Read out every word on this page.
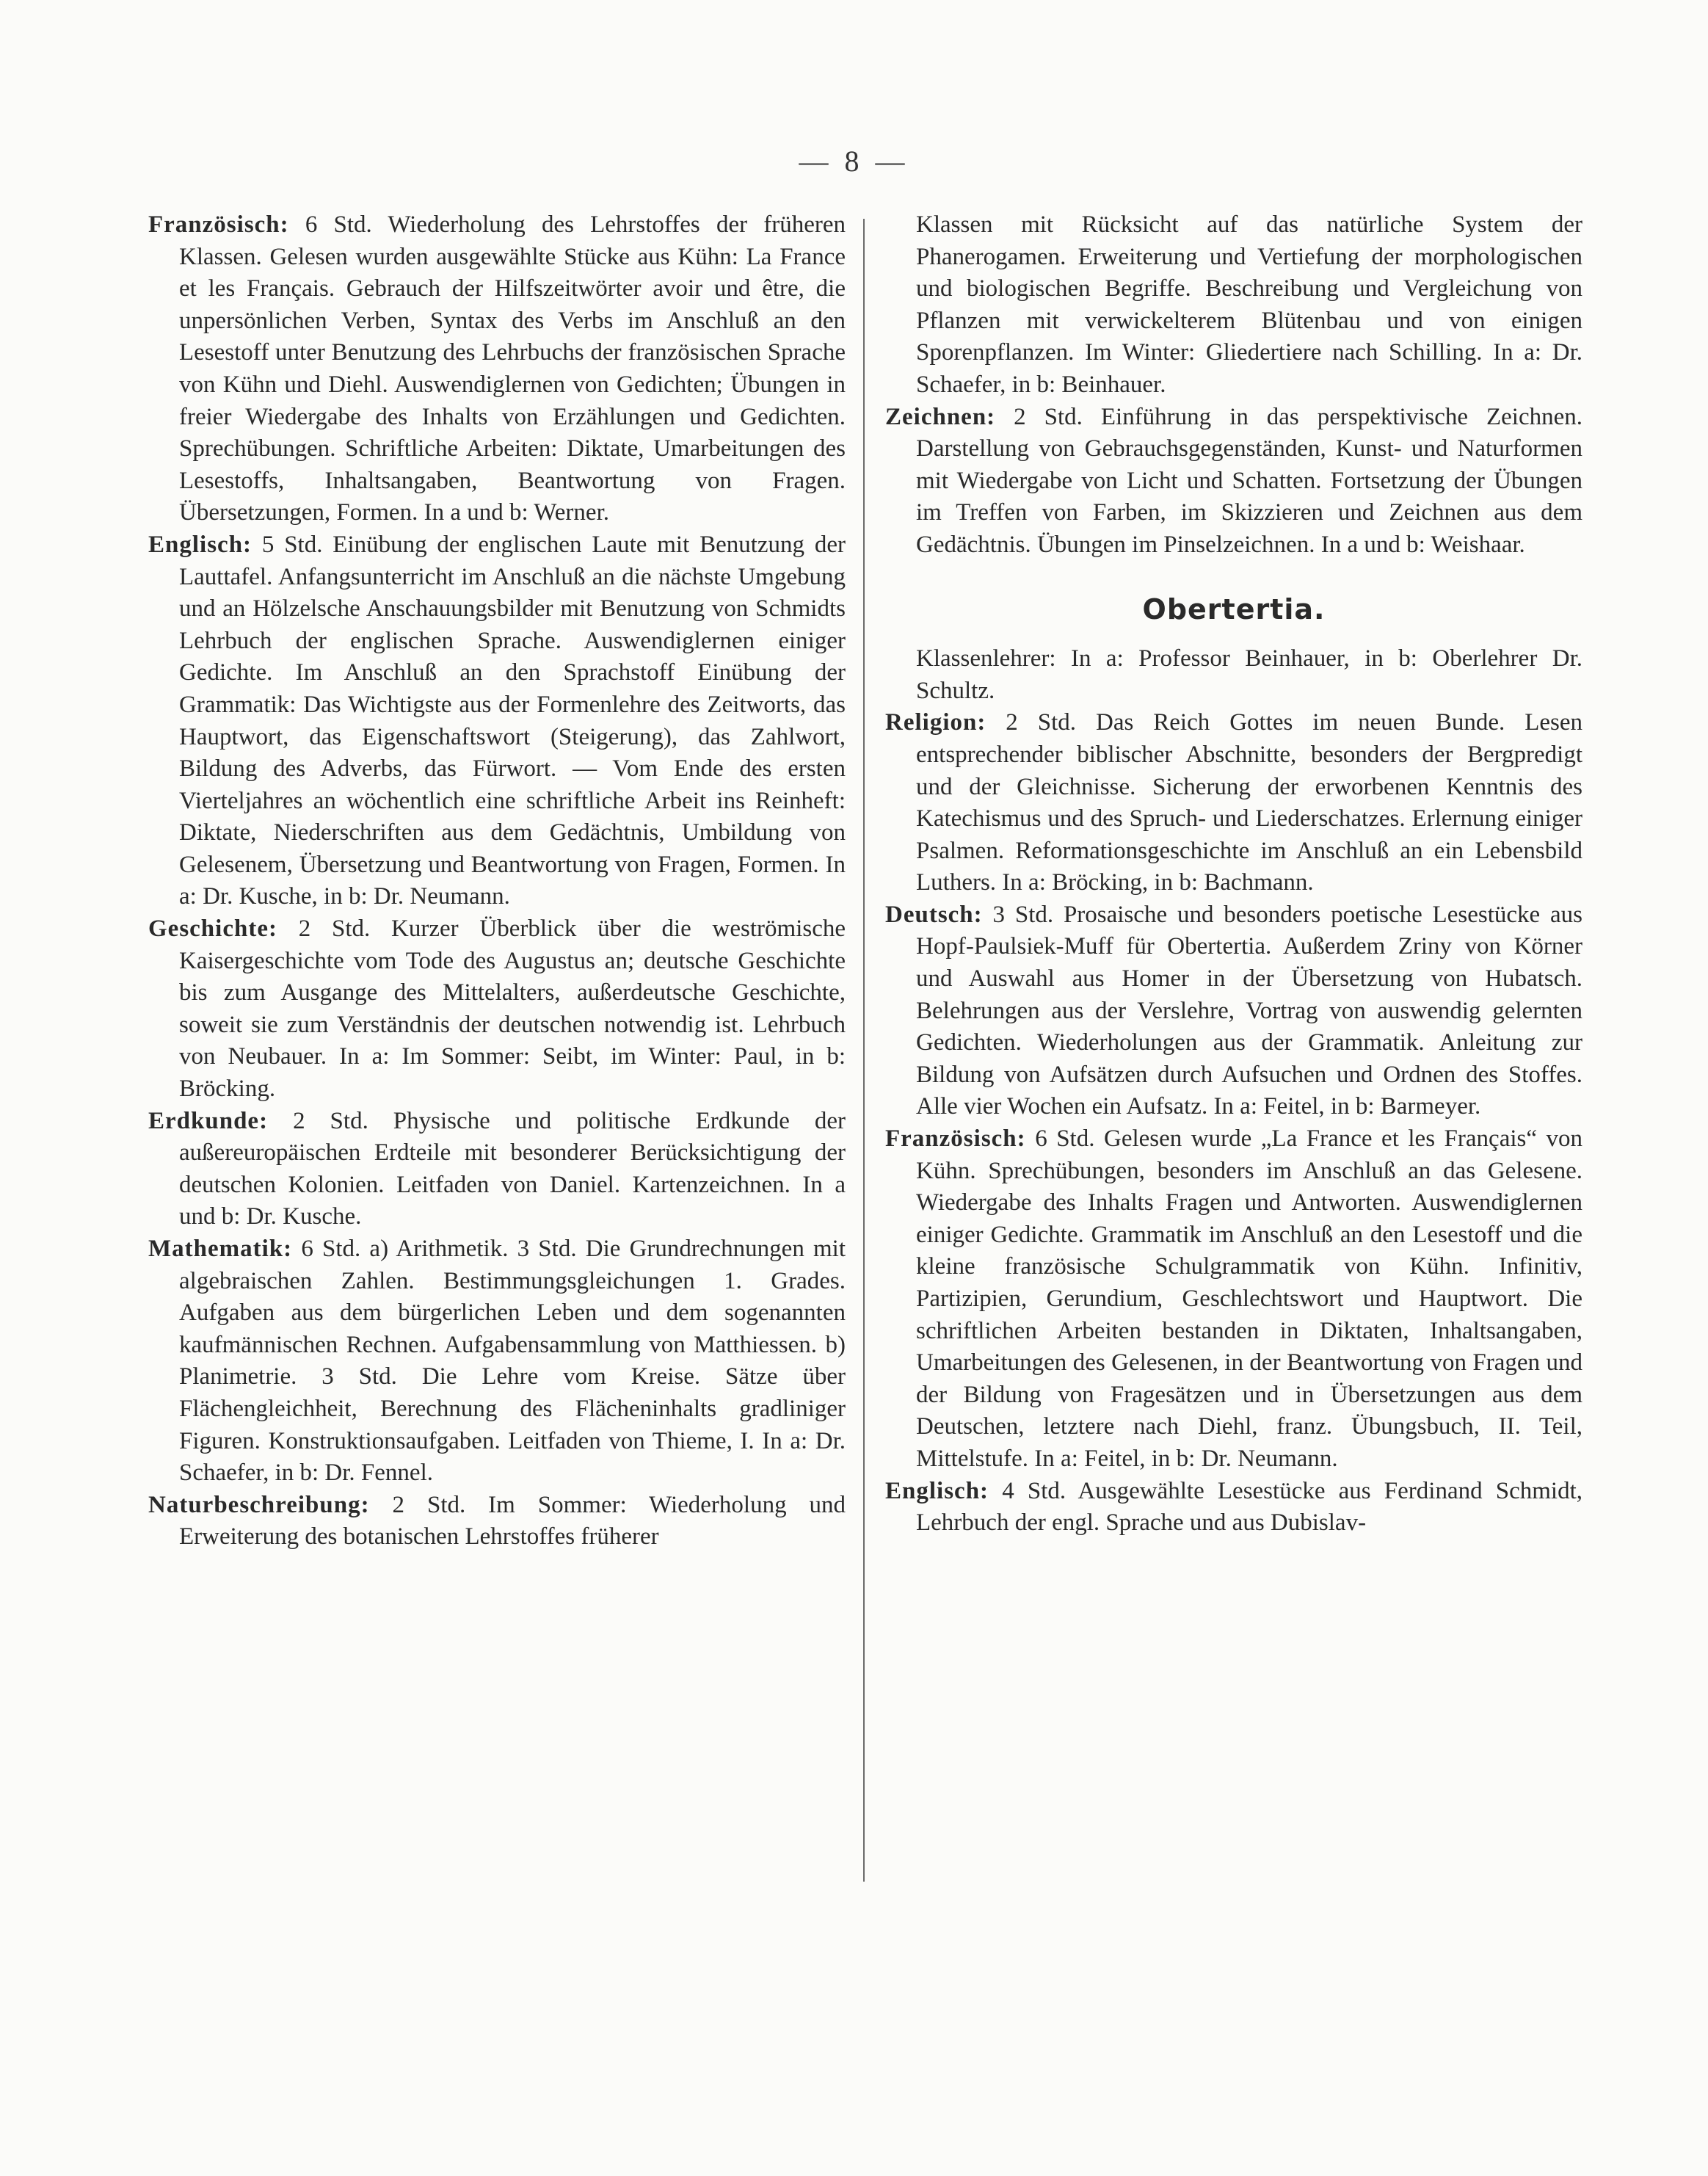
— 8 —

Französisch: 6 Std. Wiederholung des Lehrstoffes der früheren Klassen. Gelesen wurden ausgewählte Stücke aus Kühn: La France et les Français. Gebrauch der Hilfszeitwörter avoir und être, die unpersönlichen Verben, Syntax des Verbs im Anschluß an den Lesestoff unter Benutzung des Lehrbuchs der französischen Sprache von Kühn und Diehl. Auswendiglernen von Gedichten; Übungen in freier Wiedergabe des Inhalts von Erzählungen und Gedichten. Sprechübungen. Schriftliche Arbeiten: Diktate, Umarbeitungen des Lesestoffs, Inhaltsangaben, Beantwortung von Fragen. Übersetzungen, Formen. In a und b: Werner.

Englisch: 5 Std. Einübung der englischen Laute mit Benutzung der Lauttafel. Anfangsunterricht im Anschluß an die nächste Umgebung und an Hölzelsche Anschauungsbilder mit Benutzung von Schmidts Lehrbuch der englischen Sprache. Auswendiglernen einiger Gedichte. Im Anschluß an den Sprachstoff Einübung der Grammatik: Das Wichtigste aus der Formenlehre des Zeitworts, das Hauptwort, das Eigenschaftswort (Steigerung), das Zahlwort, Bildung des Adverbs, das Fürwort. — Vom Ende des ersten Vierteljahres an wöchentlich eine schriftliche Arbeit ins Reinheft: Diktate, Niederschriften aus dem Gedächtnis, Umbildung von Gelesenem, Übersetzung und Beantwortung von Fragen, Formen. In a: Dr. Kusche, in b: Dr. Neumann.

Geschichte: 2 Std. Kurzer Überblick über die weströmische Kaisergeschichte vom Tode des Augustus an; deutsche Geschichte bis zum Ausgange des Mittelalters, außerdeutsche Geschichte, soweit sie zum Verständnis der deutschen notwendig ist. Lehrbuch von Neubauer. In a: Im Sommer: Seibt, im Winter: Paul, in b: Bröcking.

Erdkunde: 2 Std. Physische und politische Erdkunde der außereuropäischen Erdteile mit besonderer Berücksichtigung der deutschen Kolonien. Leitfaden von Daniel. Kartenzeichnen. In a und b: Dr. Kusche.

Mathematik: 6 Std. a) Arithmetik. 3 Std. Die Grundrechnungen mit algebraischen Zahlen. Bestimmungsgleichungen 1. Grades. Aufgaben aus dem bürgerlichen Leben und dem sogenannten kaufmännischen Rechnen. Aufgabensammlung von Matthiessen. b) Planimetrie. 3 Std. Die Lehre vom Kreise. Sätze über Flächengleichheit, Berechnung des Flächeninhalts gradliniger Figuren. Konstruktionsaufgaben. Leitfaden von Thieme, I. In a: Dr. Schaefer, in b: Dr. Fennel.

Naturbeschreibung: 2 Std. Im Sommer: Wiederholung und Erweiterung des botanischen Lehrstoffes früherer

Klassen mit Rücksicht auf das natürliche System der Phanerogamen. Erweiterung und Vertiefung der morphologischen und biologischen Begriffe. Beschreibung und Vergleichung von Pflanzen mit verwickelterem Blütenbau und von einigen Sporenpflanzen. Im Winter: Gliedertiere nach Schilling. In a: Dr. Schaefer, in b: Beinhauer.

Zeichnen: 2 Std. Einführung in das perspektivische Zeichnen. Darstellung von Gebrauchsgegenständen, Kunst- und Naturformen mit Wiedergabe von Licht und Schatten. Fortsetzung der Übungen im Treffen von Farben, im Skizzieren und Zeichnen aus dem Gedächtnis. Übungen im Pinselzeichnen. In a und b: Weishaar.

Obertertia.

Klassenlehrer: In a: Professor Beinhauer, in b: Oberlehrer Dr. Schultz.

Religion: 2 Std. Das Reich Gottes im neuen Bunde. Lesen entsprechender biblischer Abschnitte, besonders der Bergpredigt und der Gleichnisse. Sicherung der erworbenen Kenntnis des Katechismus und des Spruch- und Liederschatzes. Erlernung einiger Psalmen. Reformationsgeschichte im Anschluß an ein Lebensbild Luthers. In a: Bröcking, in b: Bachmann.

Deutsch: 3 Std. Prosaische und besonders poetische Lesestücke aus Hopf-Paulsiek-Muff für Obertertia. Außerdem Zriny von Körner und Auswahl aus Homer in der Übersetzung von Hubatsch. Belehrungen aus der Verslehre, Vortrag von auswendig gelernten Gedichten. Wiederholungen aus der Grammatik. Anleitung zur Bildung von Aufsätzen durch Aufsuchen und Ordnen des Stoffes. Alle vier Wochen ein Aufsatz. In a: Feitel, in b: Barmeyer.

Französisch: 6 Std. Gelesen wurde „La France et les Français“ von Kühn. Sprechübungen, besonders im Anschluß an das Gelesene. Wiedergabe des Inhalts Fragen und Antworten. Auswendiglernen einiger Gedichte. Grammatik im Anschluß an den Lesestoff und die kleine französische Schulgrammatik von Kühn. Infinitiv, Partizipien, Gerundium, Geschlechtswort und Hauptwort. Die schriftlichen Arbeiten bestanden in Diktaten, Inhaltsangaben, Umarbeitungen des Gelesenen, in der Beantwortung von Fragen und der Bildung von Fragesätzen und in Übersetzungen aus dem Deutschen, letztere nach Diehl, franz. Übungsbuch, II. Teil, Mittelstufe. In a: Feitel, in b: Dr. Neumann.

Englisch: 4 Std. Ausgewählte Lesestücke aus Ferdinand Schmidt, Lehrbuch der engl. Sprache und aus Dubislav-
